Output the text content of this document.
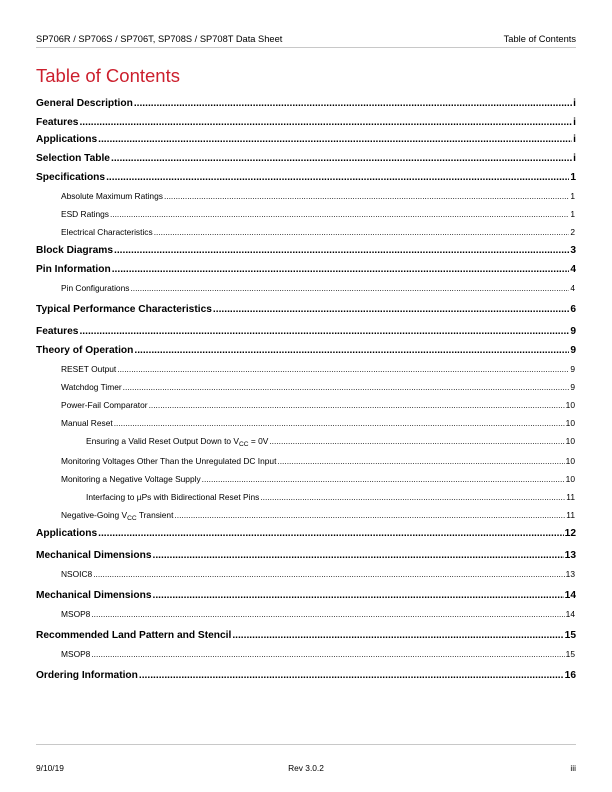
SP706R / SP706S / SP706T, SP708S / SP708T Data Sheet	Table of Contents
Table of Contents
General Description .....	i
Features .....	i
Applications .....	i
Selection Table .....	i
Specifications .....	1
Absolute Maximum Ratings .....	1
ESD Ratings .....	1
Electrical Characteristics .....	2
Block Diagrams .....	3
Pin Information .....	4
Pin Configurations .....	4
Typical Performance Characteristics .....	6
Features .....	9
Theory of Operation .....	9
RESET Output .....	9
Watchdog Timer .....	9
Power-Fail Comparator .....	10
Manual Reset .....	10
Ensuring a Valid Reset Output Down to $V_{CC} = 0V$ .....	10
Monitoring Voltages Other Than the Unregulated DC Input .....	10
Monitoring a Negative Voltage Supply .....	10
Interfacing to µPs with Bidirectional Reset Pins .....	11
Negative-Going $V_{CC}$ Transient .....	11
Applications .....	12
Mechanical Dimensions .....	13
NSOIC8 .....	13
Mechanical Dimensions .....	14
MSOP8 .....	14
Recommended Land Pattern and Stencil .....	15
MSOP8 .....	15
Ordering Information .....	16
9/10/19	Rev 3.0.2	iii
